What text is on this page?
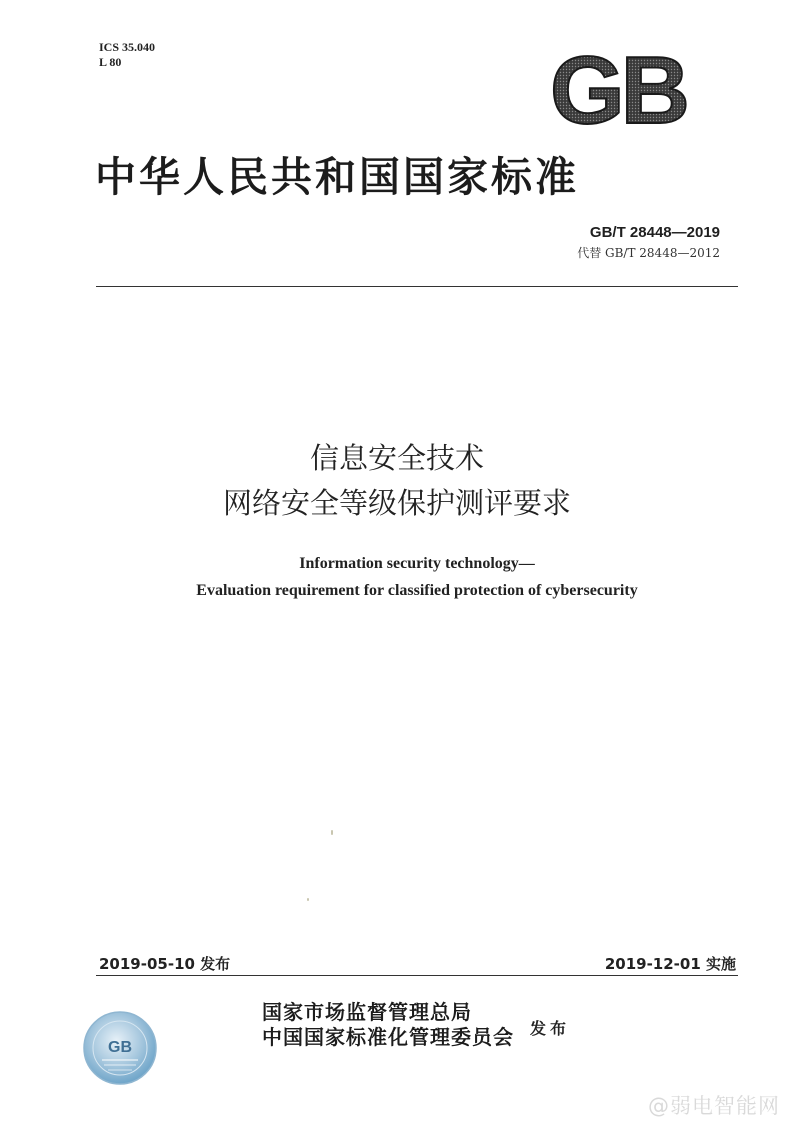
ICS 35.040
L 80	GB
中华人民共和国国家标准
GB/T 28448—2019
代替 GB/T 28448—2012
信息安全技术
网络安全等级保护测评要求
Information security technology—
Evaluation requirement for classified protection of cybersecurity
2019-05-10 发布	2019-12-01 实施
国家市场监督管理总局
中国国家标准化管理委员会 发布
GB
@弱电智能网
